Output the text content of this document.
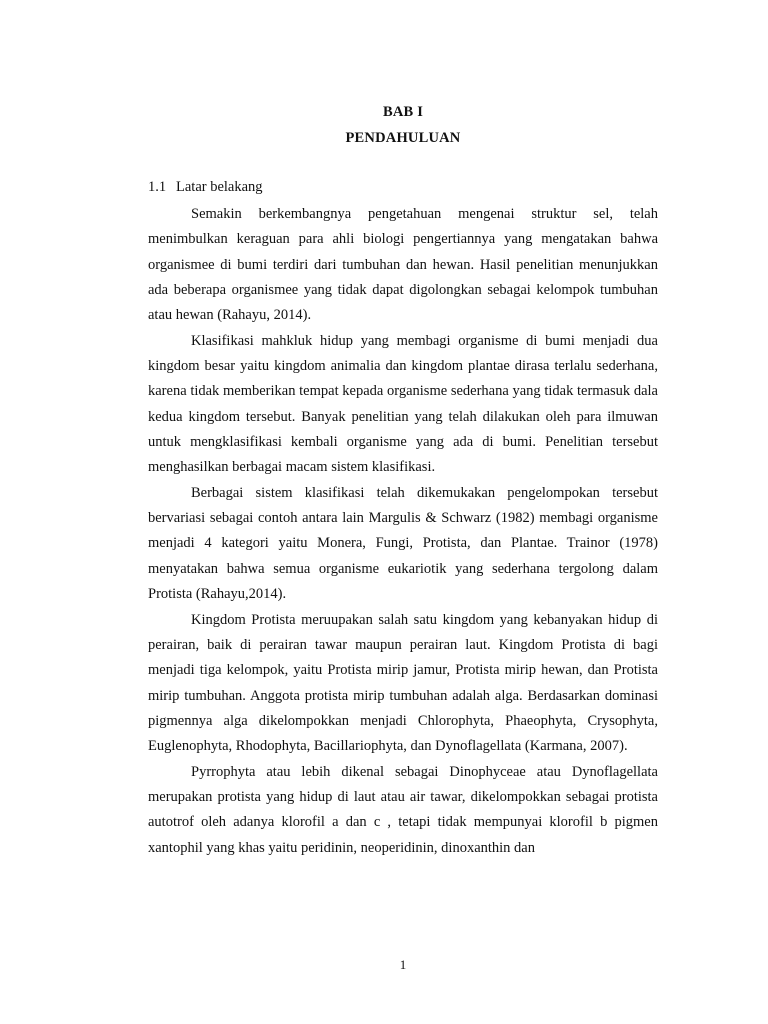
BAB I
PENDAHULUAN
1.1 Latar belakang

Semakin berkembangnya pengetahuan mengenai struktur sel, telah menimbulkan keraguan para ahli biologi pengertiannya yang mengatakan bahwa organismee di bumi terdiri dari tumbuhan dan hewan. Hasil penelitian menunjukkan ada beberapa organismee yang tidak dapat digolongkan sebagai kelompok tumbuhan atau hewan (Rahayu, 2014).

Klasifikasi mahkluk hidup yang membagi organisme di bumi menjadi dua kingdom besar yaitu kingdom animalia dan kingdom plantae dirasa terlalu sederhana, karena tidak memberikan tempat kepada organisme sederhana yang tidak termasuk dala kedua kingdom tersebut. Banyak penelitian yang telah dilakukan oleh para ilmuwan untuk mengklasifikasi kembali organisme yang ada di bumi. Penelitian tersebut menghasilkan berbagai macam sistem klasifikasi.

Berbagai sistem klasifikasi telah dikemukakan pengelompokan tersebut bervariasi sebagai contoh antara lain Margulis & Schwarz (1982) membagi organisme menjadi 4 kategori yaitu Monera, Fungi, Protista, dan Plantae. Trainor (1978) menyatakan bahwa semua organisme eukariotik yang sederhana tergolong dalam Protista (Rahayu,2014).

Kingdom Protista meruupakan salah satu kingdom yang kebanyakan hidup di perairan, baik di perairan tawar maupun perairan laut. Kingdom Protista di bagi menjadi tiga kelompok, yaitu Protista mirip jamur, Protista mirip hewan, dan Protista mirip tumbuhan. Anggota protista mirip tumbuhan adalah alga. Berdasarkan dominasi pigmennya alga dikelompokkan menjadi Chlorophyta, Phaeophyta, Crysophyta, Euglenophyta, Rhodophyta, Bacillariophyta, dan Dynoflagellata (Karmana, 2007).

Pyrrophyta atau lebih dikenal sebagai Dinophyceae atau Dynoflagellata merupakan protista yang hidup di laut atau air tawar, dikelompokkan sebagai protista autotrof oleh adanya klorofil a dan c , tetapi tidak mempunyai klorofil b pigmen xantophil yang khas yaitu peridinin, neoperidinin, dinoxanthin dan

1
